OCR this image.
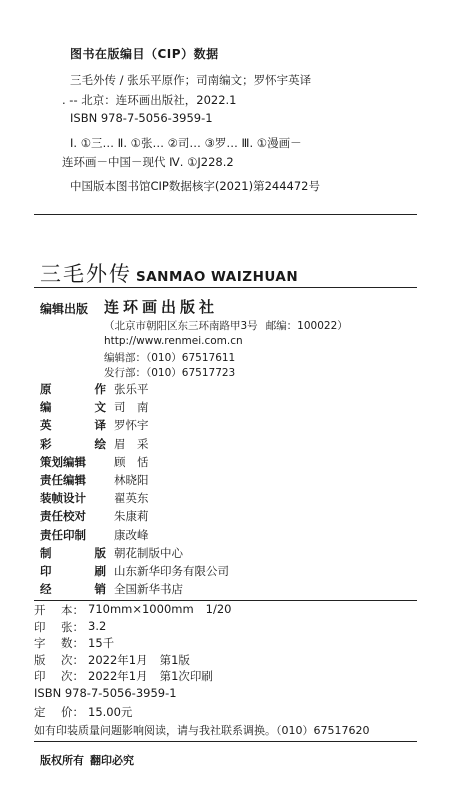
图书在版编目（CIP）数据
三毛外传 / 张乐平原作；司南编文；罗怀宇英译
. -- 北京：连环画出版社，2022.1
ISBN 978-7-5056-3959-1
Ⅰ. ①三… Ⅱ. ①张… ②司… ③罗… Ⅲ. ①漫画－
连环画－中国－现代 Ⅳ. ①J228.2
中国版本图书馆CIP数据核字(2021)第244472号
三毛外传 SANMAO WAIZHUAN
编辑出版 连环画出版社
（北京市朝阳区东三环南路甲3号 邮编：100022）
http://www.renmei.com.cn
编辑部：（010）67517611
发行部：（010）67517723
原	作 张乐平
编	文 司　南
英	译 罗怀宇
彩	绘 眉　采
策划编辑 顾　恬
责任编辑 林晓阳
装帧设计 翟英东
责任校对 朱康莉
责任印制 康改峰
制	版 朝花制版中心
印	刷 山东新华印务有限公司
经	销 全国新华书店
开 本： 710mm×1000mm 1/20
印 张： 3.2
字 数： 15千
版 次： 2022年1月 第1版
印 次： 2022年1月 第1次印刷
ISBN 978-7-5056-3959-1
定 价： 15.00元
如有印装质量问题影响阅读，请与我社联系调换。（010）67517620
版权所有 翻印必究
